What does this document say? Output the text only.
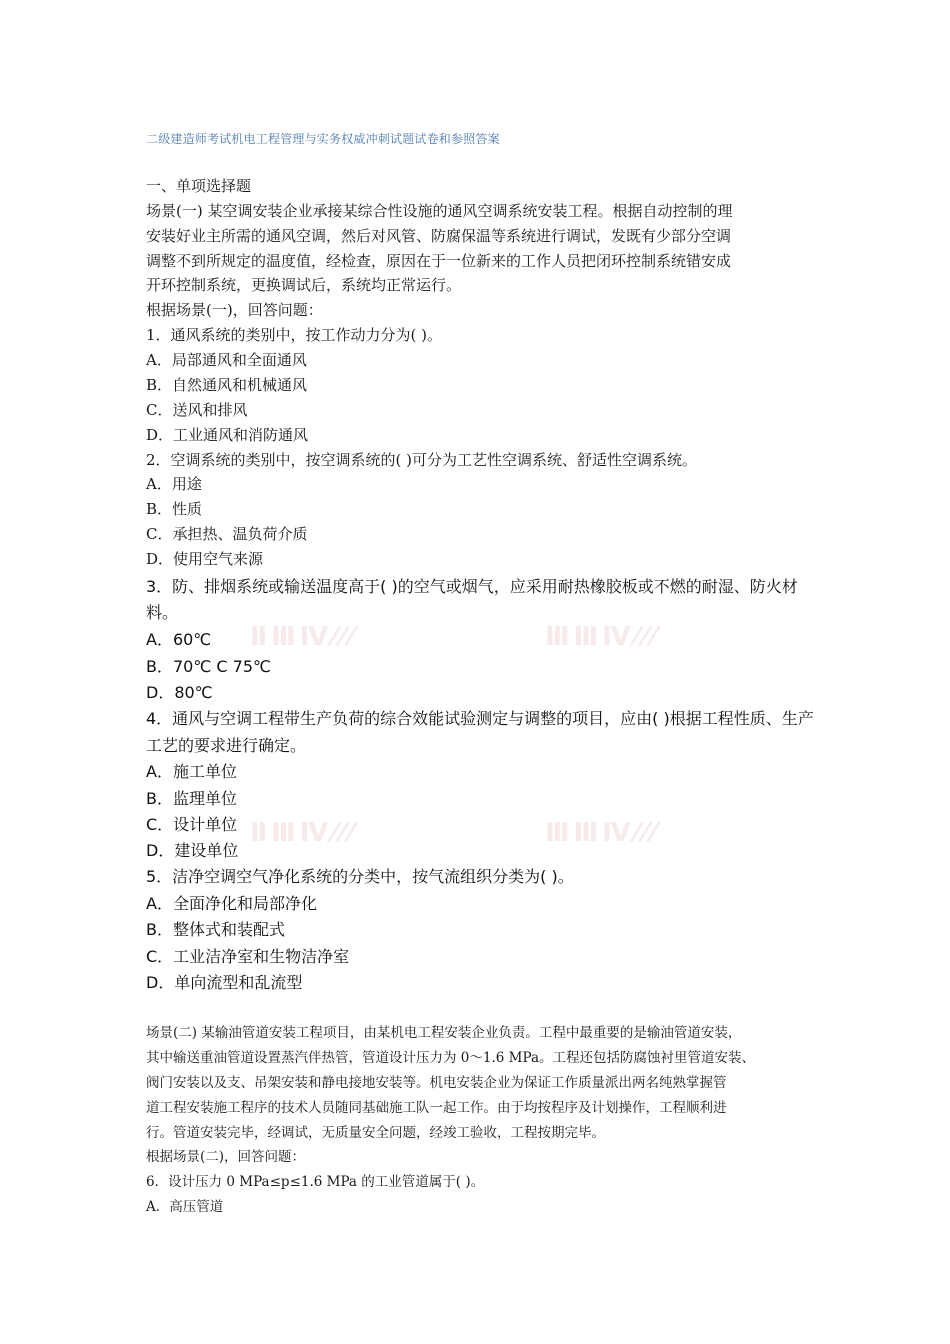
ⅡⅢⅣ⁄⁄⁄	ⅢⅢⅣ⁄⁄⁄
ⅡⅢⅣ⁄⁄⁄	ⅢⅢⅣ⁄⁄⁄
二级建造师考试机电工程管理与实务权威冲刺试题试卷和参照答案
一、单项选择题
场景(一) 某空调安装企业承接某综合性设施的通风空调系统安装工程。根据自动控制的理
安装好业主所需的通风空调，然后对风管、防腐保温等系统进行调试，发既有少部分空调
调整不到所规定的温度值，经检查，原因在于一位新来的工作人员把闭环控制系统错安成
开环控制系统，更换调试后，系统均正常运行。
根据场景(一)，回答问题：
1．通风系统的类别中，按工作动力分为( )。
A．局部通风和全面通风
B．自然通风和机械通风
C．送风和排风
D．工业通风和消防通风
2．空调系统的类别中，按空调系统的( )可分为工艺性空调系统、舒适性空调系统。
A．用途
B．性质
C．承担热、温负荷介质
D．使用空气来源
3．防、排烟系统或输送温度高于( )的空气或烟气，应采用耐热橡胶板或不燃的耐湿、防火材
料。
A．60℃
B．70℃ C 75℃
D．80℃
4．通风与空调工程带生产负荷的综合效能试验测定与调整的项目，应由( )根据工程性质、生产
工艺的要求进行确定。
A．施工单位
B．监理单位
C．设计单位
D．建设单位
5．洁净空调空气净化系统的分类中，按气流组织分类为( )。
A．全面净化和局部净化
B．整体式和装配式
C．工业洁净室和生物洁净室
D．单向流型和乱流型
场景(二) 某输油管道安装工程项目，由某机电工程安装企业负责。工程中最重要的是输油管道安装，
其中输送重油管道设置蒸汽伴热管，管道设计压力为 0～1.6 MPa。工程还包括防腐蚀衬里管道安装、
阀门安装以及支、吊架安装和静电接地安装等。机电安装企业为保证工作质量派出两名纯熟掌握管
道工程安装施工程序的技术人员随同基础施工队一起工作。由于均按程序及计划操作，工程顺利进
行。管道安装完毕，经调试，无质量安全问题，经竣工验收，工程按期完毕。
根据场景(二)，回答问题：
6．设计压力 0 MPa≤p≤1.6 MPa 的工业管道属于( )。
A．高压管道
